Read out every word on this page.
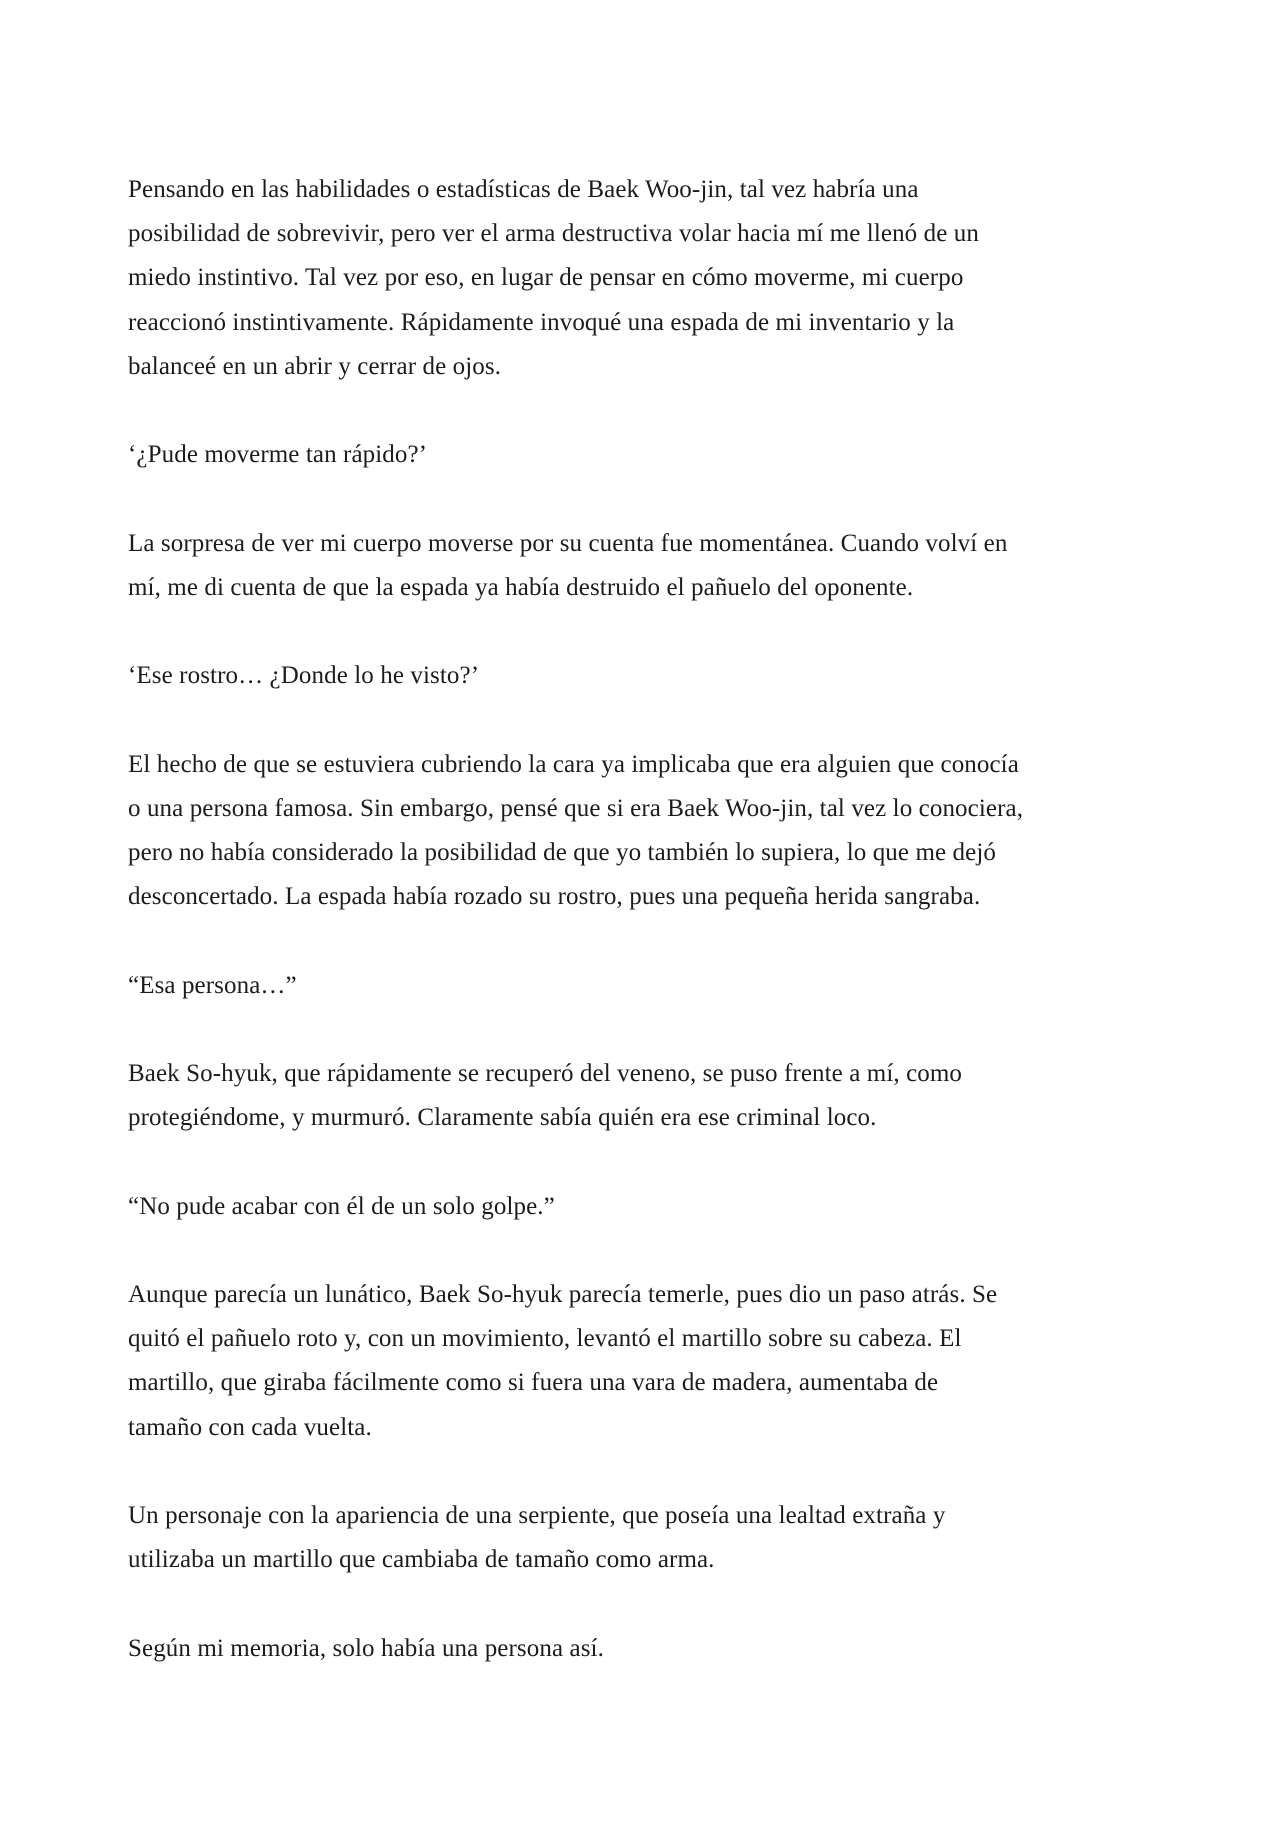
Pensando en las habilidades o estadísticas de Baek Woo-jin, tal vez habría una
posibilidad de sobrevivir, pero ver el arma destructiva volar hacia mí me llenó de un
miedo instintivo. Tal vez por eso, en lugar de pensar en cómo moverme, mi cuerpo
reaccionó instintivamente. Rápidamente invoqué una espada de mi inventario y la
balanceé en un abrir y cerrar de ojos.

‘¿Pude moverme tan rápido?’

La sorpresa de ver mi cuerpo moverse por su cuenta fue momentánea. Cuando volví en
mí, me di cuenta de que la espada ya había destruido el pañuelo del oponente.

‘Ese rostro… ¿Donde lo he visto?’

El hecho de que se estuviera cubriendo la cara ya implicaba que era alguien que conocía
o una persona famosa. Sin embargo, pensé que si era Baek Woo-jin, tal vez lo conociera,
pero no había considerado la posibilidad de que yo también lo supiera, lo que me dejó
desconcertado. La espada había rozado su rostro, pues una pequeña herida sangraba.

“Esa persona…”

Baek So-hyuk, que rápidamente se recuperó del veneno, se puso frente a mí, como
protegiéndome, y murmuró. Claramente sabía quién era ese criminal loco.

“No pude acabar con él de un solo golpe.”

Aunque parecía un lunático, Baek So-hyuk parecía temerle, pues dio un paso atrás. Se
quitó el pañuelo roto y, con un movimiento, levantó el martillo sobre su cabeza. El
martillo, que giraba fácilmente como si fuera una vara de madera, aumentaba de
tamaño con cada vuelta.

Un personaje con la apariencia de una serpiente, que poseía una lealtad extraña y
utilizaba un martillo que cambiaba de tamaño como arma.

Según mi memoria, solo había una persona así.
